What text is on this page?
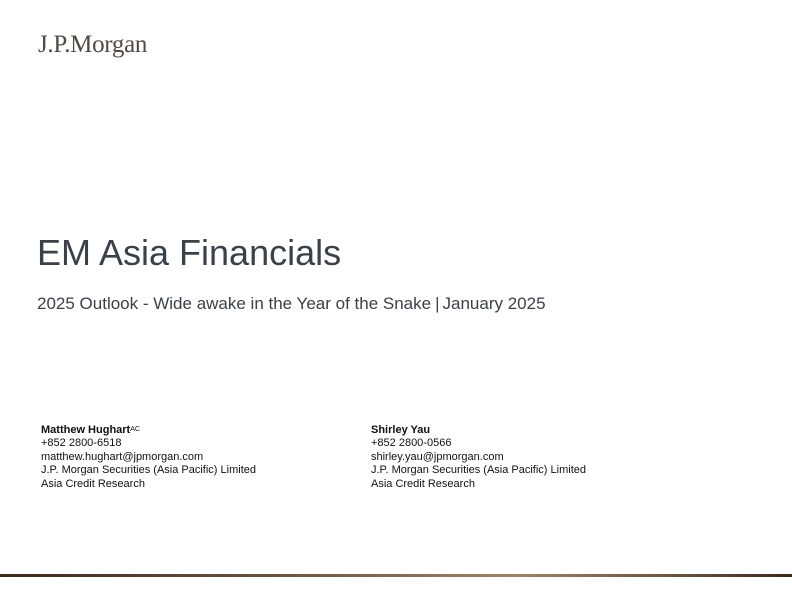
J.P.Morgan
EM Asia Financials
2025 Outlook - Wide awake in the Year of the Snake | January 2025
Matthew Hughart$^{AC}$
+852 2800-6518
matthew.hughart@jpmorgan.com
J.P. Morgan Securities (Asia Pacific) Limited
Asia Credit Research
Shirley Yau
+852 2800-0566
shirley.yau@jpmorgan.com
J.P. Morgan Securities (Asia Pacific) Limited
Asia Credit Research
